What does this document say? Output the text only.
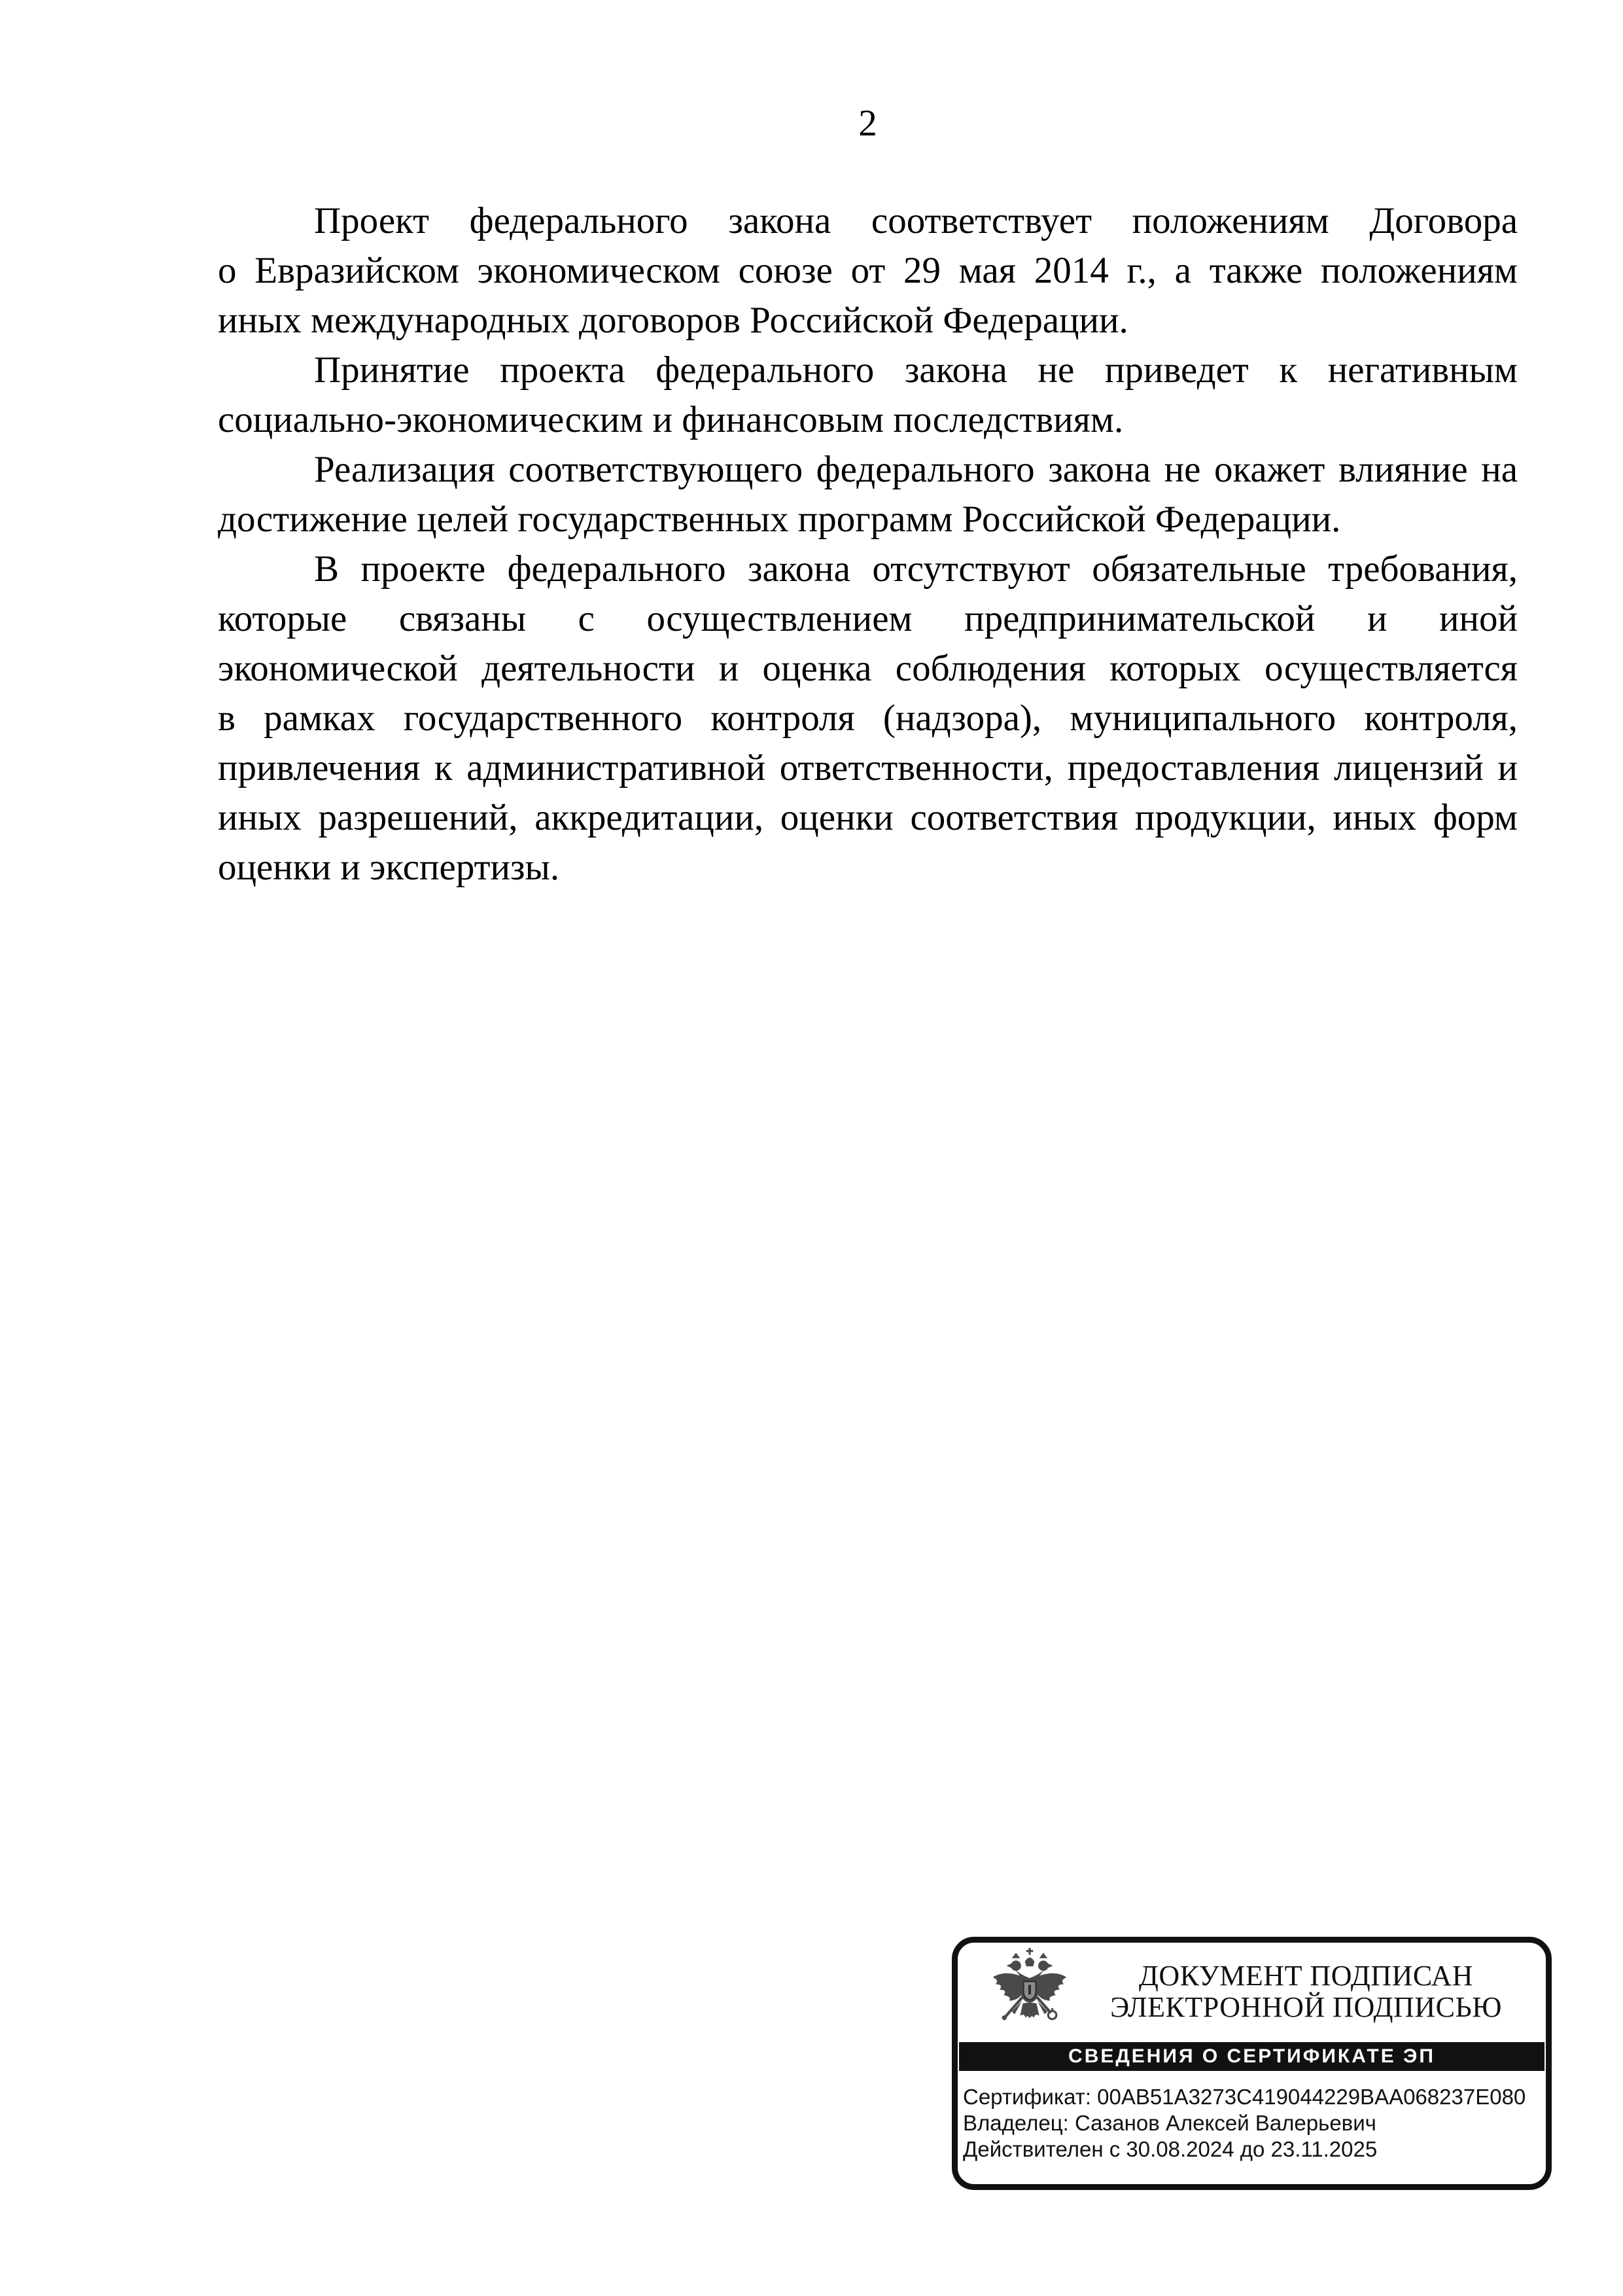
2
Проект федерального закона соответствует положениям Договора
о Евразийском экономическом союзе от 29 мая 2014 г., а также положениям
иных международных договоров Российской Федерации.
Принятие проекта федерального закона не приведет к негативным
социально-экономическим и финансовым последствиям.
Реализация соответствующего федерального закона не окажет влияние на
достижение целей государственных программ Российской Федерации.
В проекте федерального закона отсутствуют обязательные требования,
которые связаны с осуществлением предпринимательской и иной
экономической деятельности и оценка соблюдения которых осуществляется
в рамках государственного контроля (надзора), муниципального контроля,
привлечения к административной ответственности, предоставления лицензий и
иных разрешений, аккредитации, оценки соответствия продукции, иных форм
оценки и экспертизы.
ДОКУМЕНТ ПОДПИСАН
ЭЛЕКТРОННОЙ ПОДПИСЬЮ
СВЕДЕНИЯ О СЕРТИФИКАТЕ ЭП
Сертификат: 00AB51A3273C419044229BAA068237E080
Владелец: Сазанов Алексей Валерьевич
Действителен с 30.08.2024 до 23.11.2025
